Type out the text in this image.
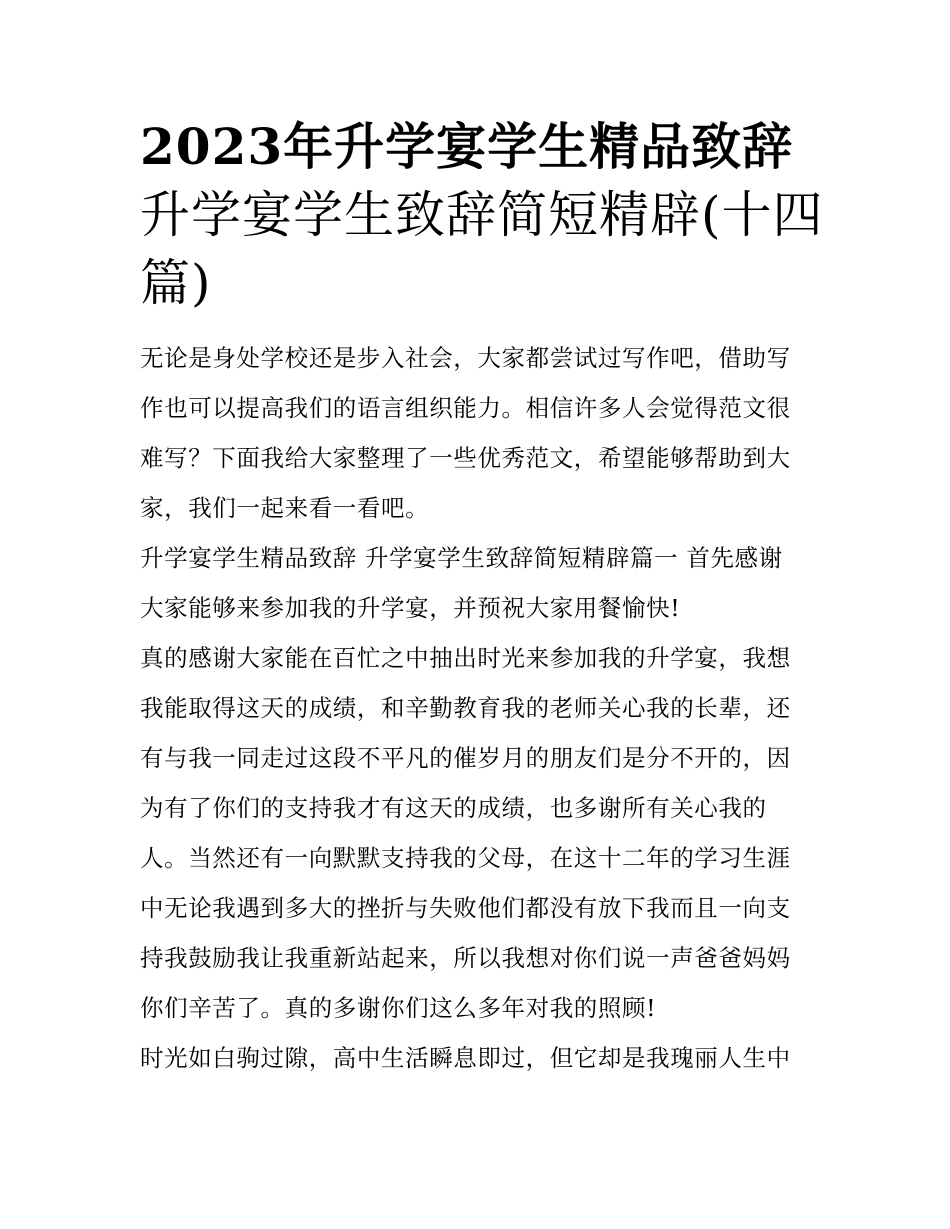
2023年升学宴学生精品致辞
升学宴学生致辞简短精辟(十四
篇)

无论是身处学校还是步入社会，大家都尝试过写作吧，借助写
作也可以提高我们的语言组织能力。相信许多人会觉得范文很
难写？下面我给大家整理了一些优秀范文，希望能够帮助到大
家，我们一起来看一看吧。

升学宴学生精品致辞 升学宴学生致辞简短精辟篇一 首先感谢
大家能够来参加我的升学宴，并预祝大家用餐愉快!

真的感谢大家能在百忙之中抽出时光来参加我的升学宴，我想
我能取得这天的成绩，和辛勤教育我的老师关心我的长辈，还
有与我一同走过这段不平凡的催岁月的朋友们是分不开的，因
为有了你们的支持我才有这天的成绩，也多谢所有关心我的
人。当然还有一向默默支持我的父母，在这十二年的学习生涯
中无论我遇到多大的挫折与失败他们都没有放下我而且一向支
持我鼓励我让我重新站起来，所以我想对你们说一声爸爸妈妈
你们辛苦了。真的多谢你们这么多年对我的照顾!

时光如白驹过隙，高中生活瞬息即过，但它却是我瑰丽人生中
